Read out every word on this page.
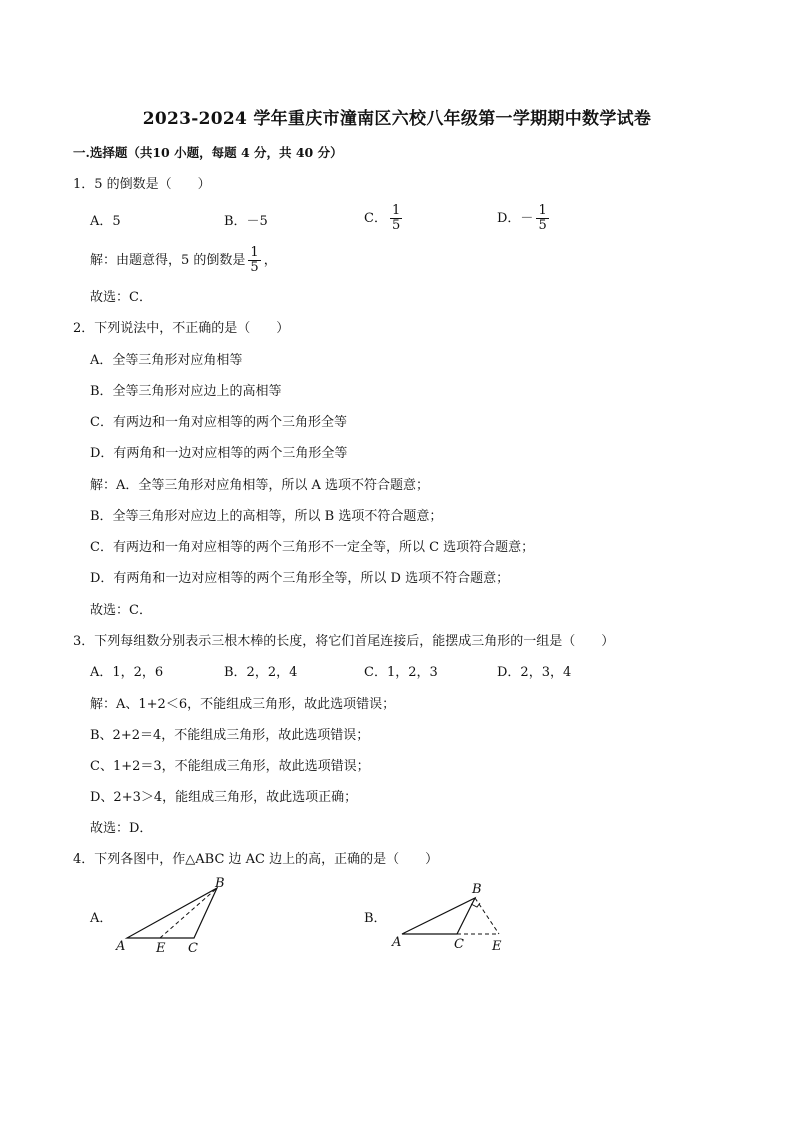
2023-2024 学年重庆市潼南区六校八年级第一学期期中数学试卷
一.选择题（共10 小题，每题 4 分，共 40 分）
1．5 的倒数是（　　）
A．5	B．－5	C． $\frac{1}{5}$	D．－ $\frac{1}{5}$
解：由题意得，5 的倒数是 $\frac{1}{5}$ ，
故选：C．
2．下列说法中，不正确的是（　　）
A．全等三角形对应角相等
B．全等三角形对应边上的高相等
C．有两边和一角对应相等的两个三角形全等
D．有两角和一边对应相等的两个三角形全等
解：A．全等三角形对应角相等，所以 A 选项不符合题意；
B．全等三角形对应边上的高相等，所以 B 选项不符合题意；
C．有两边和一角对应相等的两个三角形不一定全等，所以 C 选项符合题意；
D．有两角和一边对应相等的两个三角形全等，所以 D 选项不符合题意；
故选：C．
3．下列每组数分别表示三根木棒的长度，将它们首尾连接后，能摆成三角形的一组是（　　）
A．1，2，6	B．2，2，4	C．1，2，3	D．2，3，4
解：A、1+2＜6，不能组成三角形，故此选项错误；
B、2+2＝4，不能组成三角形，故此选项错误；
C、1+2＝3，不能组成三角形，故此选项错误；
D、2+3＞4，能组成三角形，故此选项正确；
故选：D．
4．下列各图中，作△ABC 边 AC 边上的高，正确的是（　　）
A．	B．
B
A E C
B
A	C E
